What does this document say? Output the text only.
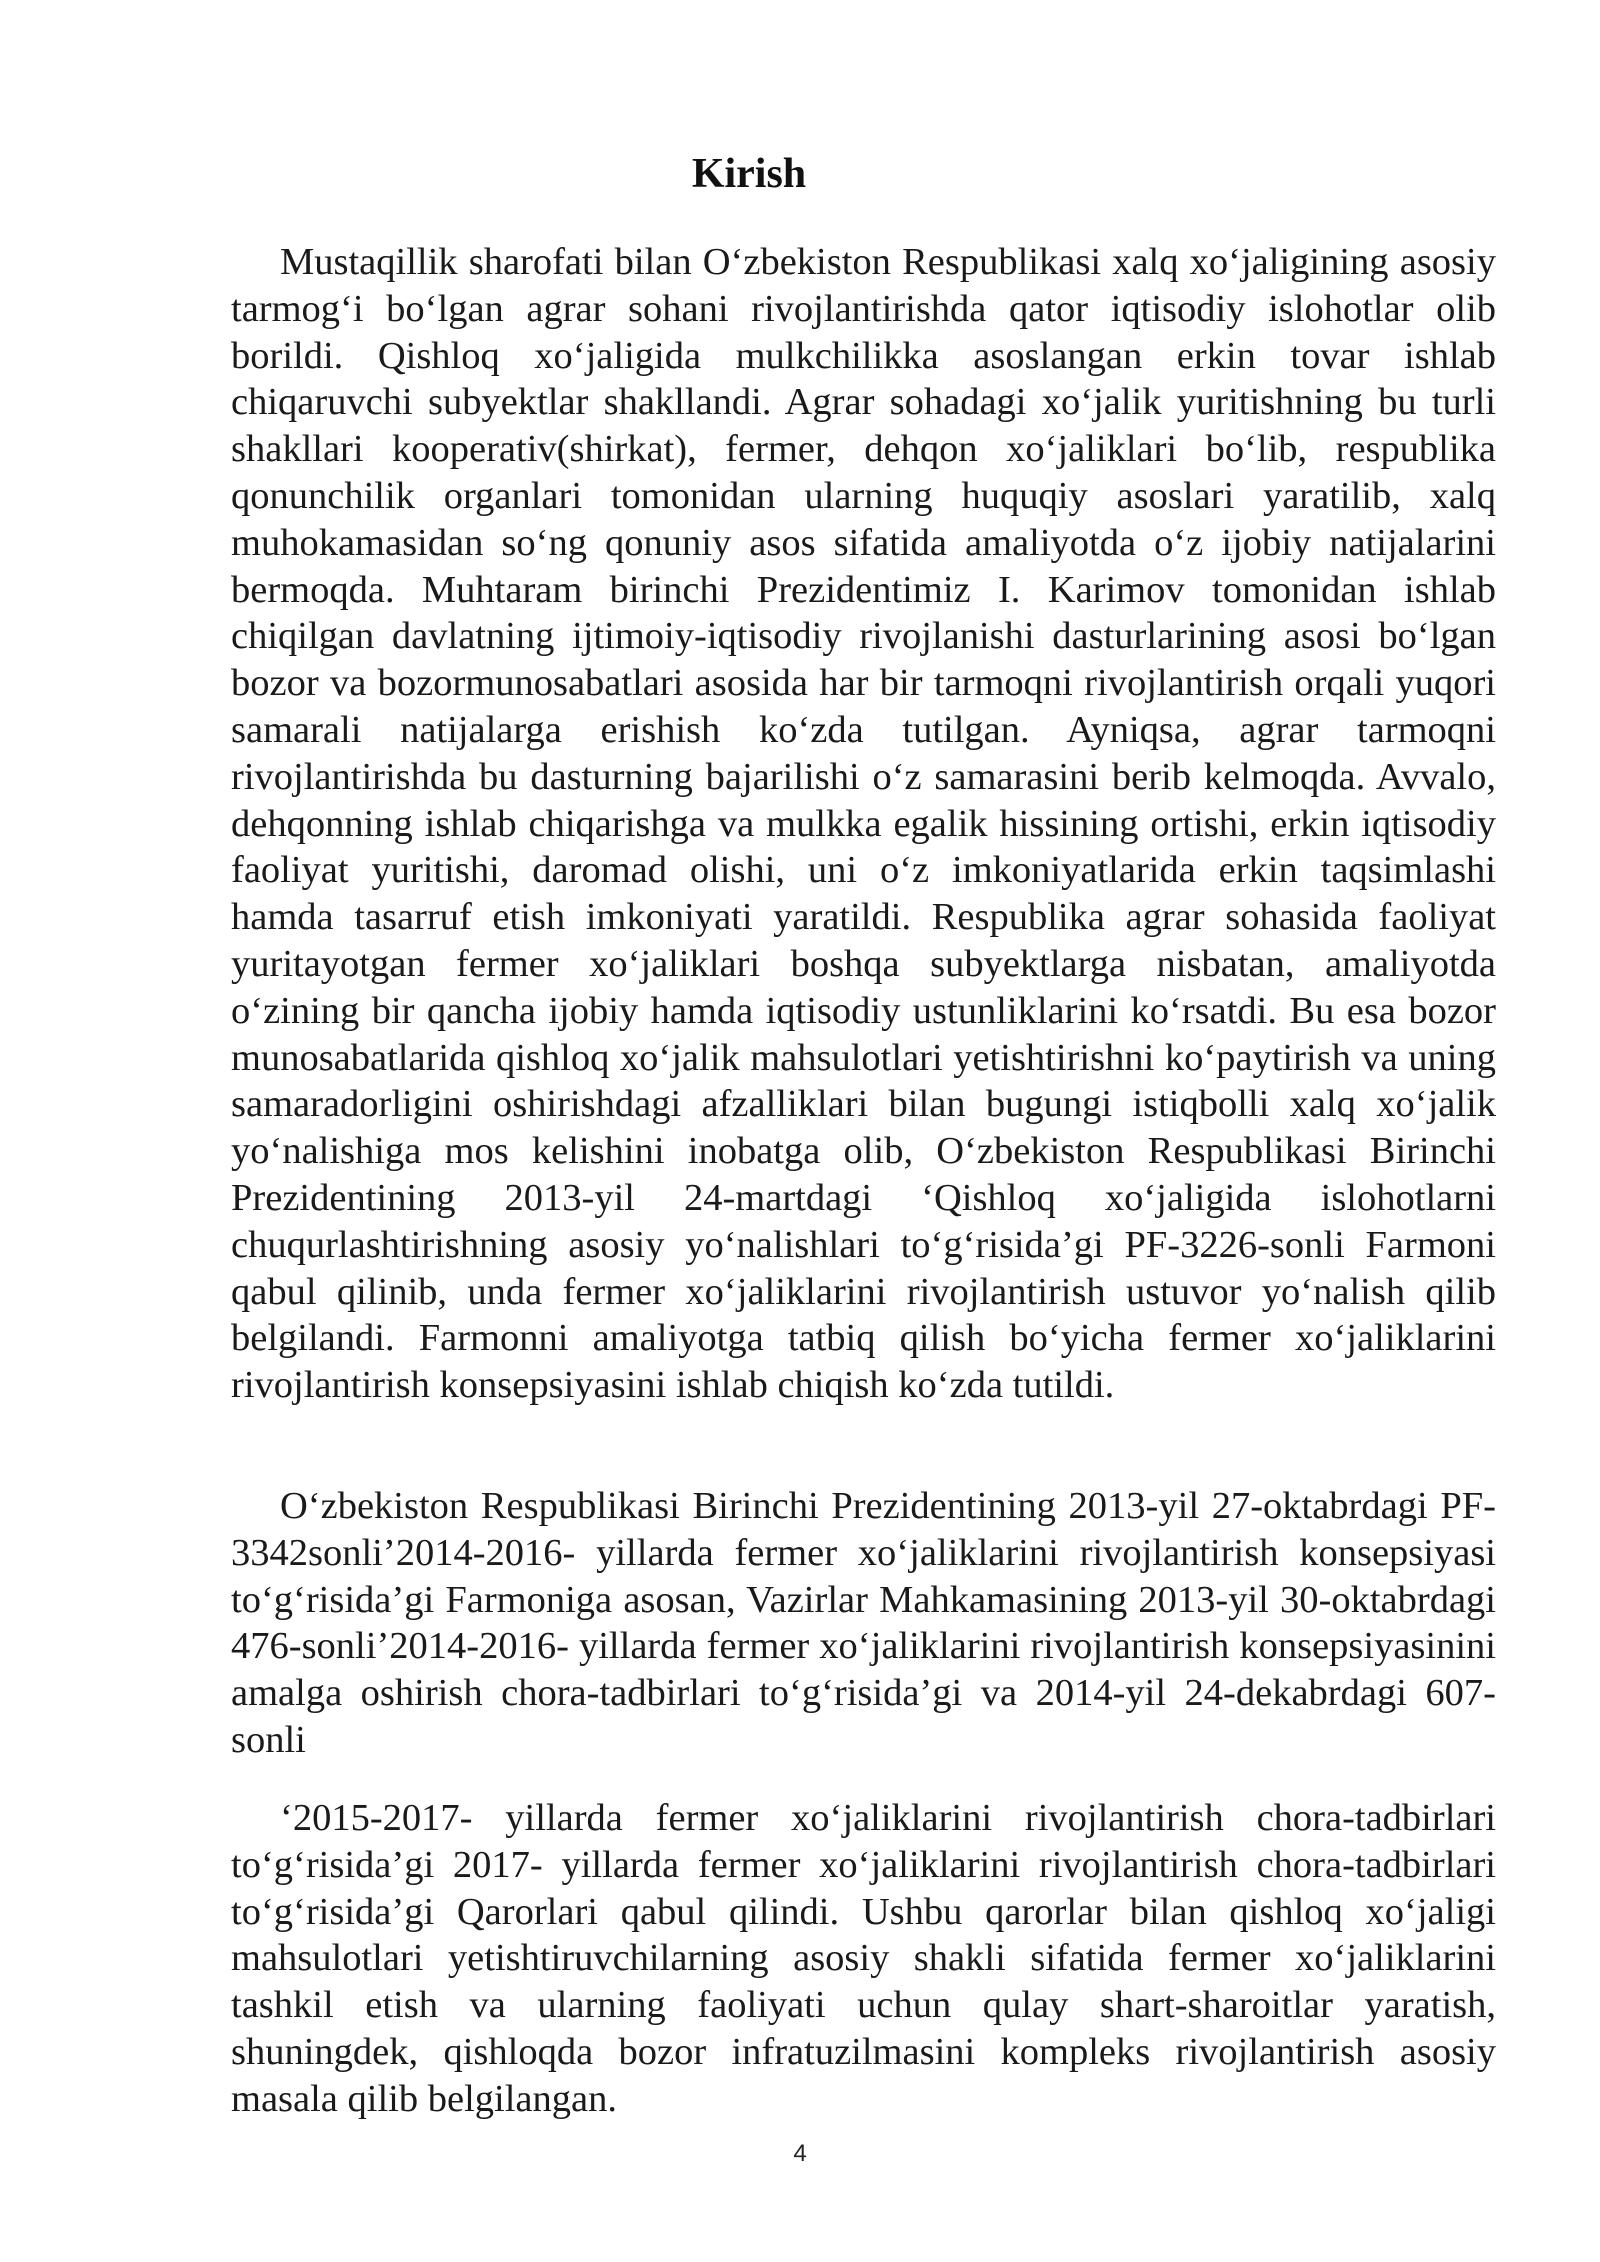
Kirish

Mustaqillik sharofati bilan O‘zbekiston Respublikasi xalq xo‘jaligining asosiy tarmog‘i bo‘lgan agrar sohani rivojlantirishda qator iqtisodiy islohotlar olib borildi. Qishloq xo‘jaligida mulkchilikka asoslangan erkin tovar ishlab chiqaruvchi subyektlar shakllandi. Agrar sohadagi xo‘jalik yuritishning bu turli shakllari kooperativ(shirkat), fermer, dehqon xo‘jaliklari bo‘lib, respublika qonunchilik organlari tomonidan ularning huquqiy asoslari yaratilib, xalq muhokamasidan so‘ng qonuniy asos sifatida amaliyotda o‘z ijobiy natijalarini bermoqda. Muhtaram birinchi Prezidentimiz I. Karimov tomonidan ishlab chiqilgan davlatning ijtimoiy-iqtisodiy rivojlanishi dasturlarining asosi bo‘lgan bozor va bozormunosabatlari asosida har bir tarmoqni rivojlantirish orqali yuqori samarali natijalarga erishish ko‘zda tutilgan. Ayniqsa, agrar tarmoqni rivojlantirishda bu dasturning bajarilishi o‘z samarasini berib kelmoqda. Avvalo, dehqonning ishlab chiqarishga va mulkka egalik hissining ortishi, erkin iqtisodiy faoliyat yuritishi, daromad olishi, uni o‘z imkoniyatlarida erkin taqsimlashi hamda tasarruf etish imkoniyati yaratildi. Respublika agrar sohasida faoliyat yuritayotgan fermer xo‘jaliklari boshqa subyektlarga nisbatan, amaliyotda o‘zining bir qancha ijobiy hamda iqtisodiy ustunliklarini ko‘rsatdi. Bu esa bozor munosabatlarida qishloq xo‘jalik mahsulotlari yetishtirishni ko‘paytirish va uning samaradorligini oshirishdagi afzalliklari bilan bugungi istiqbolli xalq xo‘jalik yo‘nalishiga mos kelishini inobatga olib, O‘zbekiston Respublikasi Birinchi Prezidentining 2013-yil 24-martdagi ‘Qishloq xo‘jaligida islohotlarni chuqurlashtirishning asosiy yo‘nalishlari to‘g‘risida’gi PF-3226-sonli Farmoni qabul qilinib, unda fermer xo‘jaliklarini rivojlantirish ustuvor yo‘nalish qilib belgilandi. Farmonni amaliyotga tatbiq qilish bo‘yicha fermer xo‘jaliklarini rivojlantirish konsepsiyasini ishlab chiqish ko‘zda tutildi.

O‘zbekiston Respublikasi Birinchi Prezidentining 2013-yil 27-oktabrdagi PF-3342sonli’2014-2016- yillarda fermer xo‘jaliklarini rivojlantirish konsepsiyasi to‘g‘risida’gi Farmoniga asosan, Vazirlar Mahkamasining 2013-yil 30-oktabrdagi 476-sonli’2014-2016- yillarda fermer xo‘jaliklarini rivojlantirish konsepsiyasinini amalga oshirish chora-tadbirlari to‘g‘risida’gi va 2014-yil 24-dekabrdagi 607-sonli

‘2015-2017- yillarda fermer xo‘jaliklarini rivojlantirish chora-tadbirlari to‘g‘risida’gi 2017- yillarda fermer xo‘jaliklarini rivojlantirish chora-tadbirlari to‘g‘risida’gi Qarorlari qabul qilindi. Ushbu qarorlar bilan qishloq xo‘jaligi mahsulotlari yetishtiruvchilarning asosiy shakli sifatida fermer xo‘jaliklarini tashkil etish va ularning faoliyati uchun qulay shart-sharoitlar yaratish, shuningdek, qishloqda bozor infratuzilmasini kompleks rivojlantirish asosiy masala qilib belgilangan.

4
